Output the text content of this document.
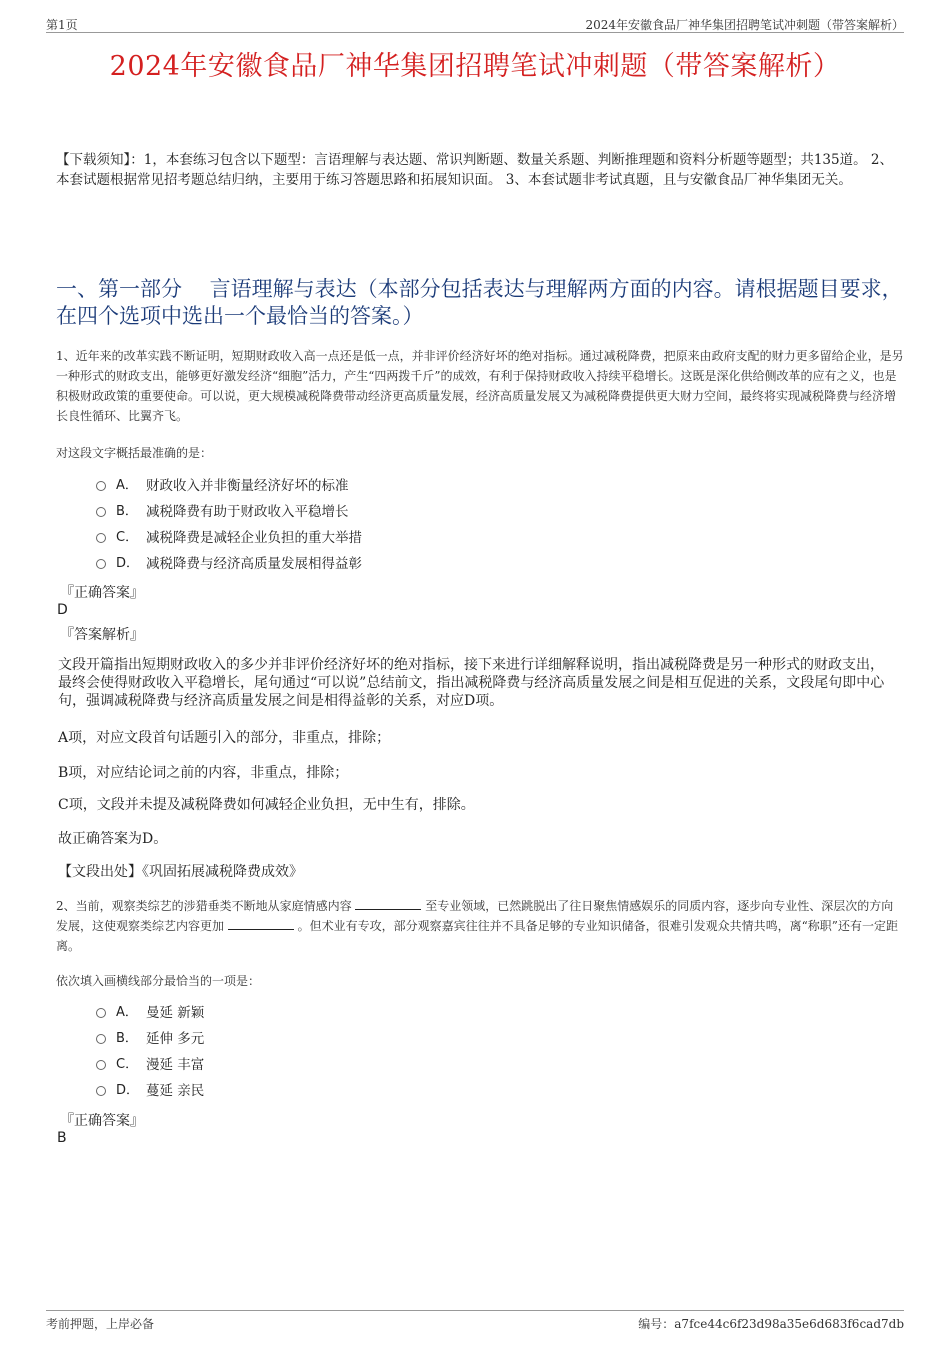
第1页	2024年安徽食品厂神华集团招聘笔试冲刺题（带答案解析）
2024年安徽食品厂神华集团招聘笔试冲刺题（带答案解析）
【下载须知】：1，本套练习包含以下题型：言语理解与表达题、常识判断题、数量关系题、判断推理题和资料分析题等题型；共135道。 2、本套试题根据常见招考题总结归纳，主要用于练习答题思路和拓展知识面。 3、本套试题非考试真题，且与安徽食品厂神华集团无关。
一、第一部分　 言语理解与表达（本部分包括表达与理解两方面的内容。请根据题目要求，在四个选项中选出一个最恰当的答案。）
1、近年来的改革实践不断证明，短期财政收入高一点还是低一点，并非评价经济好坏的绝对指标。通过减税降费，把原来由政府支配的财力更多留给企业，是另一种形式的财政支出，能够更好激发经济“细胞”活力，产生“四两拨千斤”的成效，有利于保持财政收入持续平稳增长。这既是深化供给侧改革的应有之义，也是积极财政政策的重要使命。可以说，更大规模减税降费带动经济更高质量发展，经济高质量发展又为减税降费提供更大财力空间，最终将实现减税降费与经济增长良性循环、比翼齐飞。
对这段文字概括最准确的是：
A． 财政收入并非衡量经济好坏的标准
B． 减税降费有助于财政收入平稳增长
C． 减税降费是减轻企业负担的重大举措
D． 减税降费与经济高质量发展相得益彰
『正确答案』
D
『答案解析』
文段开篇指出短期财政收入的多少并非评价经济好坏的绝对指标，接下来进行详细解释说明，指出减税降费是另一种形式的财政支出，最终会使得财政收入平稳增长，尾句通过“可以说”总结前文，指出减税降费与经济高质量发展之间是相互促进的关系，文段尾句即中心句，强调减税降费与经济高质量发展之间是相得益彰的关系，对应D项。
A项，对应文段首句话题引入的部分，非重点，排除；
B项，对应结论词之前的内容，非重点，排除；
C项，文段并未提及减税降费如何减轻企业负担，无中生有，排除。
故正确答案为D。
【文段出处】《巩固拓展减税降费成效》
2、当前，观察类综艺的涉猎垂类不断地从家庭情感内容	至专业领域，已然跳脱出了往日聚焦情感娱乐的同质内容，逐步向专业性、深层次的方向发展，这使观察类综艺内容更加	。但术业有专攻，部分观察嘉宾往往并不具备足够的专业知识储备，很难引发观众共情共鸣，离“称职”还有一定距离。
依次填入画横线部分最恰当的一项是：
A． 曼延 新颖
B． 延伸 多元
C． 漫延 丰富
D． 蔓延 亲民
『正确答案』
B
考前押题，上岸必备	编号：a7fce44c6f23d98a35e6d683f6cad7db
